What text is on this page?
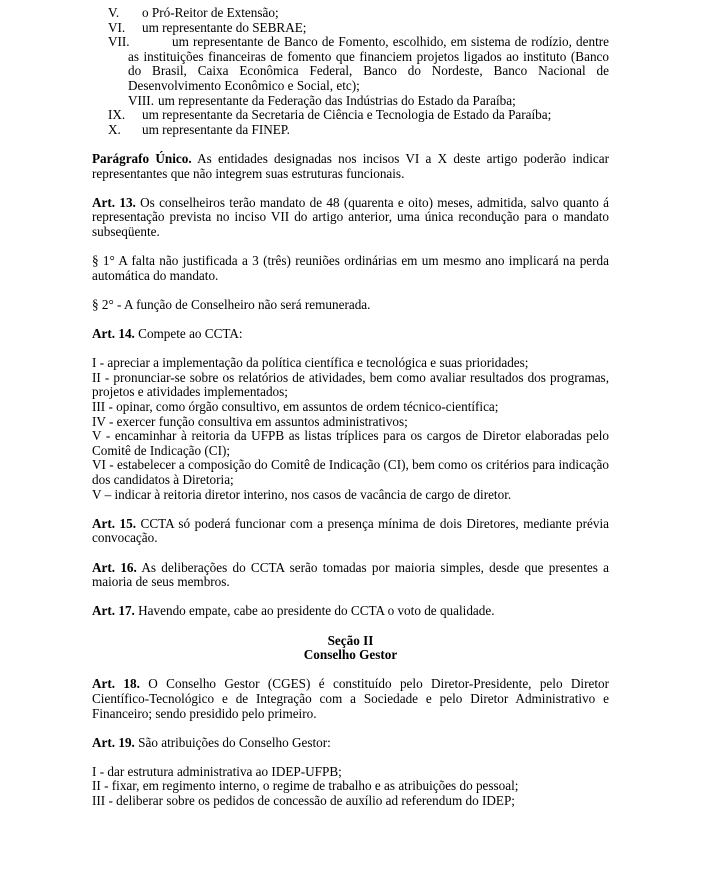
V.	o Pró-Reitor de Extensão;
VI.	um representante do SEBRAE;
VII.	um representante de Banco de Fomento, escolhido, em sistema de rodízio, dentre as instituições financeiras de fomento que financiem projetos ligados ao instituto (Banco do Brasil, Caixa Econômica Federal, Banco do Nordeste, Banco Nacional de Desenvolvimento Econômico e Social, etc);
VIII. um representante da Federação das Indústrias do Estado da Paraíba;
IX.	um representante da Secretaria de Ciência e Tecnologia de Estado da Paraíba;
X.	um representante da FINEP.

Parágrafo Único. As entidades designadas nos incisos VI a X deste artigo poderão indicar representantes que não integrem suas estruturas funcionais.

Art. 13. Os conselheiros terão mandato de 48 (quarenta e oito) meses, admitida, salvo quanto á representação prevista no inciso VII do artigo anterior, uma única recondução para o mandato subseqüente.

§ 1° A falta não justificada a 3 (três) reuniões ordinárias em um mesmo ano implicará na perda automática do mandato.

§ 2° - A função de Conselheiro não será remunerada.

Art. 14. Compete ao CCTA:

I - apreciar a implementação da política científica e tecnológica e suas prioridades;

II - pronunciar-se sobre os relatórios de atividades, bem como avaliar resultados dos programas, projetos e atividades implementados;

III - opinar, como órgão consultivo, em assuntos de ordem técnico-científica;

IV - exercer função consultiva em assuntos administrativos;

V - encaminhar à reitoria da UFPB as listas tríplices para os cargos de Diretor elaboradas pelo Comitê de Indicação (CI);

VI - estabelecer a composição do Comitê de Indicação (CI), bem como os critérios para indicação dos candidatos à Diretoria;

V – indicar à reitoria diretor interino, nos casos de vacância de cargo de diretor.

Art. 15. CCTA só poderá funcionar com a presença mínima de dois Diretores, mediante prévia convocação.

Art. 16. As deliberações do CCTA serão tomadas por maioria simples, desde que presentes a maioria de seus membros.

Art. 17. Havendo empate, cabe ao presidente do CCTA o voto de qualidade.

Seção II
Conselho Gestor

Art. 18. O Conselho Gestor (CGES) é constituído pelo Diretor-Presidente, pelo Diretor Científico-Tecnológico e de Integração com a Sociedade e pelo Diretor Administrativo e Financeiro; sendo presidido pelo primeiro.

Art. 19. São atribuições do Conselho Gestor:

I - dar estrutura administrativa ao IDEP-UFPB;

II - fixar, em regimento interno, o regime de trabalho e as atribuições do pessoal;

III - deliberar sobre os pedidos de concessão de auxílio ad referendum do IDEP;
